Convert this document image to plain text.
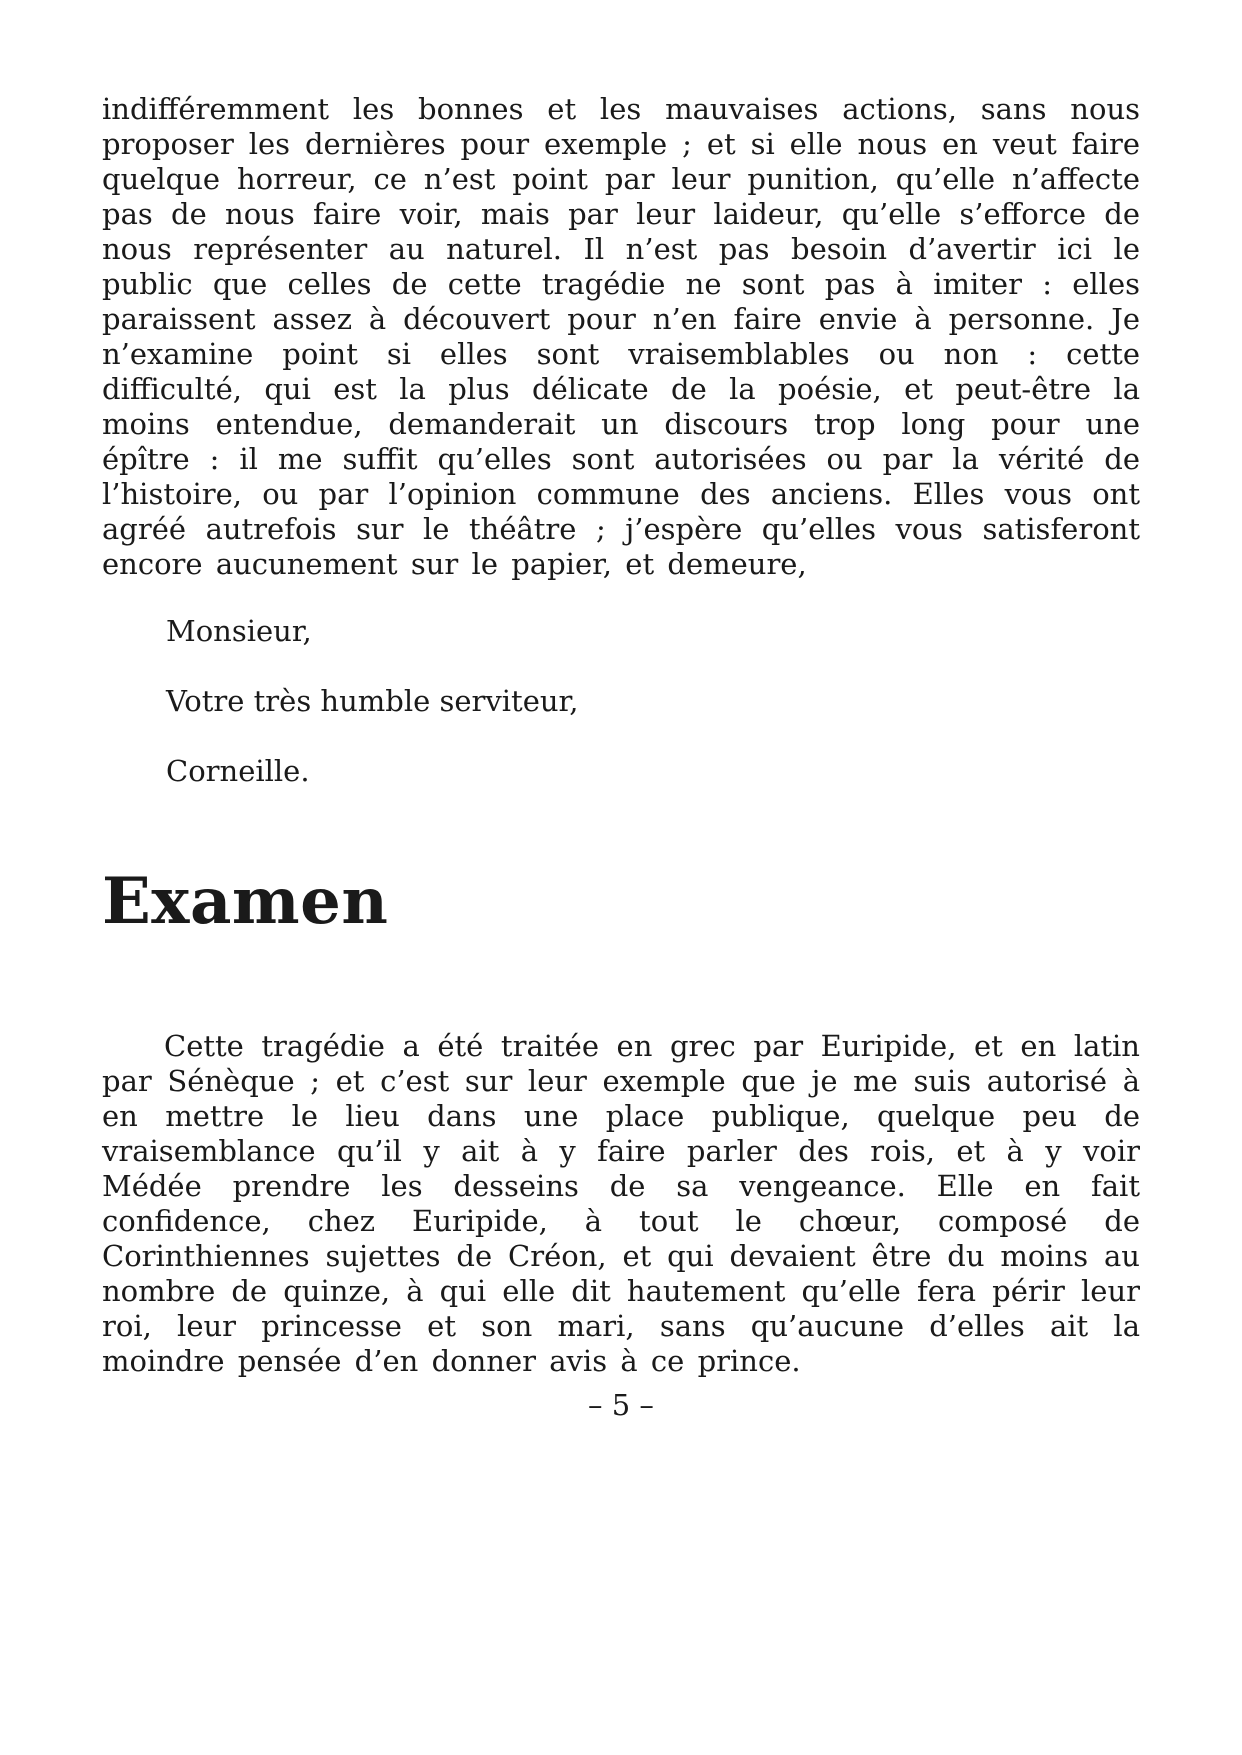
indifféremment les bonnes et les mauvaises actions, sans nous proposer les dernières pour exemple ; et si elle nous en veut faire quelque horreur, ce n’est point par leur punition, qu’elle n’affecte pas de nous faire voir, mais par leur laideur, qu’elle s’efforce de nous représenter au naturel. Il n’est pas besoin d’avertir ici le public que celles de cette tragédie ne sont pas à imiter : elles paraissent assez à découvert pour n’en faire envie à personne. Je n’examine point si elles sont vraisemblables ou non : cette difficulté, qui est la plus délicate de la poésie, et peut-être la moins entendue, demanderait un discours trop long pour une épître : il me suffit qu’elles sont autorisées ou par la vérité de l’histoire, ou par l’opinion commune des anciens. Elles vous ont agréé autrefois sur le théâtre ; j’espère qu’elles vous satisferont encore aucunement sur le papier, et demeure,

Monsieur,

Votre très humble serviteur,

Corneille.

Examen

Cette tragédie a été traitée en grec par Euripide, et en latin par Sénèque ; et c’est sur leur exemple que je me suis autorisé à en mettre le lieu dans une place publique, quelque peu de vraisemblance qu’il y ait à y faire parler des rois, et à y voir Médée prendre les desseins de sa vengeance. Elle en fait confidence, chez Euripide, à tout le chœur, composé de Corinthiennes sujettes de Créon, et qui devaient être du moins au nombre de quinze, à qui elle dit hautement qu’elle fera périr leur roi, leur princesse et son mari, sans qu’aucune d’elles ait la moindre pensée d’en donner avis à ce prince.

– 5 –
